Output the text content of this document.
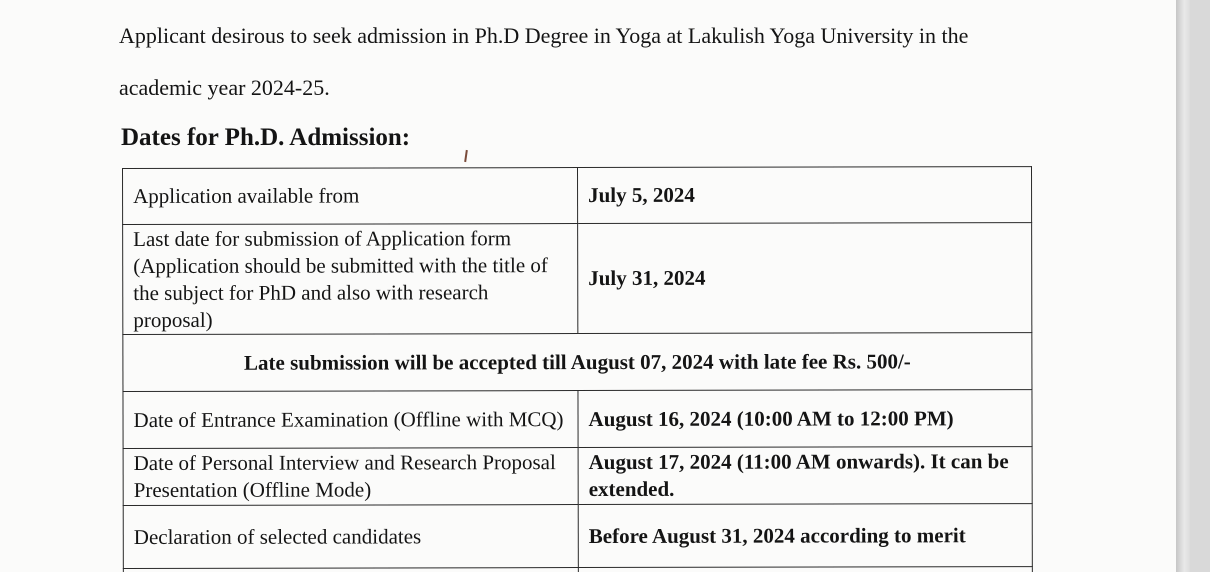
Applicant desirous to seek admission in Ph.D Degree in Yoga at Lakulish Yoga University in the
academic year 2024-25.

Dates for Ph.D. Admission:
Application available from	July 5, 2024
Last date for submission of Application form (Application should be submitted with the title of the subject for PhD and also with research proposal)	July 31, 2024
Late submission will be accepted till August 07, 2024 with late fee Rs. 500/-	
Date of Entrance Examination (Offline with MCQ)	August 16, 2024 (10:00 AM to 12:00 PM)
Date of Personal Interview and Research Proposal Presentation (Offline Mode)	August 17, 2024 (11:00 AM onwards). It can be extended.
Declaration of selected candidates	Before August 31, 2024 according to merit
